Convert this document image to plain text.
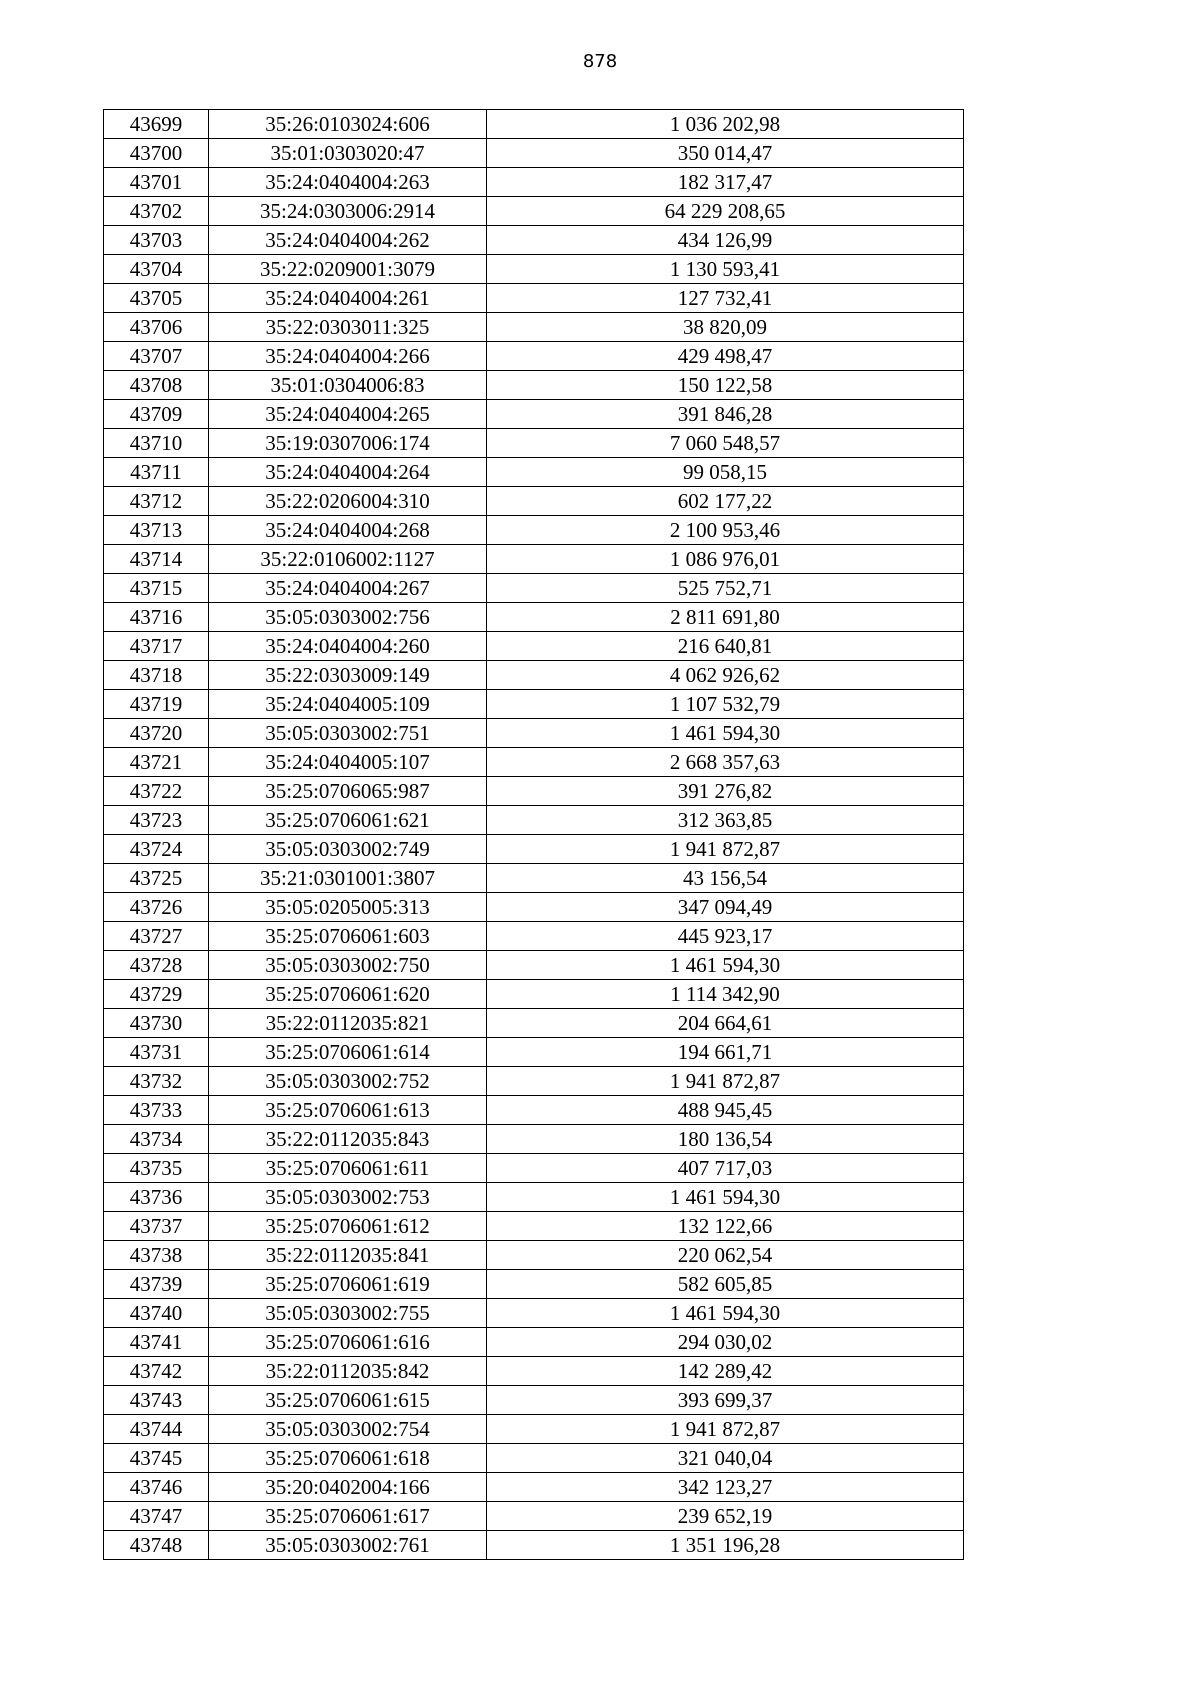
878
43699	35:26:0103024:606	1 036 202,98
43700	35:01:0303020:47	350 014,47
43701	35:24:0404004:263	182 317,47
43702	35:24:0303006:2914	64 229 208,65
43703	35:24:0404004:262	434 126,99
43704	35:22:0209001:3079	1 130 593,41
43705	35:24:0404004:261	127 732,41
43706	35:22:0303011:325	38 820,09
43707	35:24:0404004:266	429 498,47
43708	35:01:0304006:83	150 122,58
43709	35:24:0404004:265	391 846,28
43710	35:19:0307006:174	7 060 548,57
43711	35:24:0404004:264	99 058,15
43712	35:22:0206004:310	602 177,22
43713	35:24:0404004:268	2 100 953,46
43714	35:22:0106002:1127	1 086 976,01
43715	35:24:0404004:267	525 752,71
43716	35:05:0303002:756	2 811 691,80
43717	35:24:0404004:260	216 640,81
43718	35:22:0303009:149	4 062 926,62
43719	35:24:0404005:109	1 107 532,79
43720	35:05:0303002:751	1 461 594,30
43721	35:24:0404005:107	2 668 357,63
43722	35:25:0706065:987	391 276,82
43723	35:25:0706061:621	312 363,85
43724	35:05:0303002:749	1 941 872,87
43725	35:21:0301001:3807	43 156,54
43726	35:05:0205005:313	347 094,49
43727	35:25:0706061:603	445 923,17
43728	35:05:0303002:750	1 461 594,30
43729	35:25:0706061:620	1 114 342,90
43730	35:22:0112035:821	204 664,61
43731	35:25:0706061:614	194 661,71
43732	35:05:0303002:752	1 941 872,87
43733	35:25:0706061:613	488 945,45
43734	35:22:0112035:843	180 136,54
43735	35:25:0706061:611	407 717,03
43736	35:05:0303002:753	1 461 594,30
43737	35:25:0706061:612	132 122,66
43738	35:22:0112035:841	220 062,54
43739	35:25:0706061:619	582 605,85
43740	35:05:0303002:755	1 461 594,30
43741	35:25:0706061:616	294 030,02
43742	35:22:0112035:842	142 289,42
43743	35:25:0706061:615	393 699,37
43744	35:05:0303002:754	1 941 872,87
43745	35:25:0706061:618	321 040,04
43746	35:20:0402004:166	342 123,27
43747	35:25:0706061:617	239 652,19
43748	35:05:0303002:761	1 351 196,28
